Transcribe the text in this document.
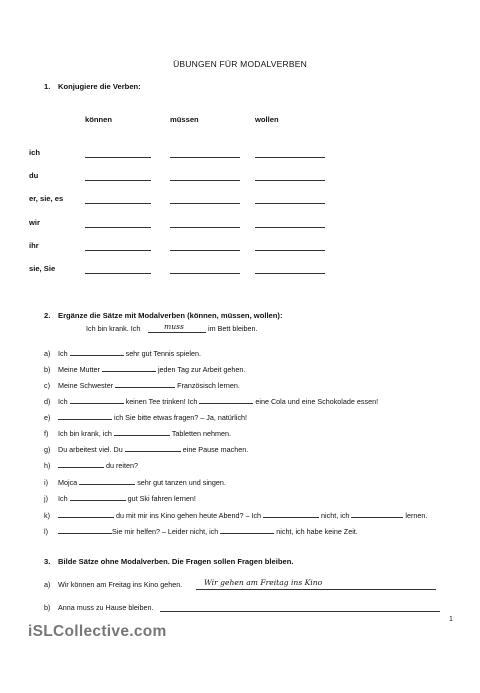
ÜBUNGEN FÜR MODALVERBEN
1. Konjugiere die Verben:
können	müssen	wollen
ich
du
er, sie, es
wir
ihr
sie, Sie
2. Ergänze die Sätze mit Modalverben (können, müssen, wollen):
Ich bin krank. Ich	muss	im Bett bleiben.
a) Ich	sehr gut Tennis spielen.
b) Meine Mutter	jeden Tag zur Arbeit gehen.
c) Meine Schwester	Französisch lernen.
d) Ich	keinen Tee trinken! Ich	eine Cola und eine Schokolade essen!
e)	ich Sie bitte etwas fragen? – Ja, natürlich!
f) Ich bin krank, ich	Tabletten nehmen.
g) Du arbeitest viel. Du	eine Pause machen.
h)	du reiten?
i) Mojca	sehr gut tanzen und singen.
j) Ich	gut Ski fahren lernen!
k)	du mit mir ins Kino gehen heute Abend? – Ich	nicht, ich	lernen.
l)	Sie mir helfen? – Leider nicht, ich	nicht, ich habe keine Zeit.
3. Bilde Sätze ohne Modalverben. Die Fragen sollen Fragen bleiben.
a) Wir können am Freitag ins Kino gehen.	Wir gehen am Freitag ins Kino
b) Anna muss zu Hause bleiben.
1
iSLCollective.com
